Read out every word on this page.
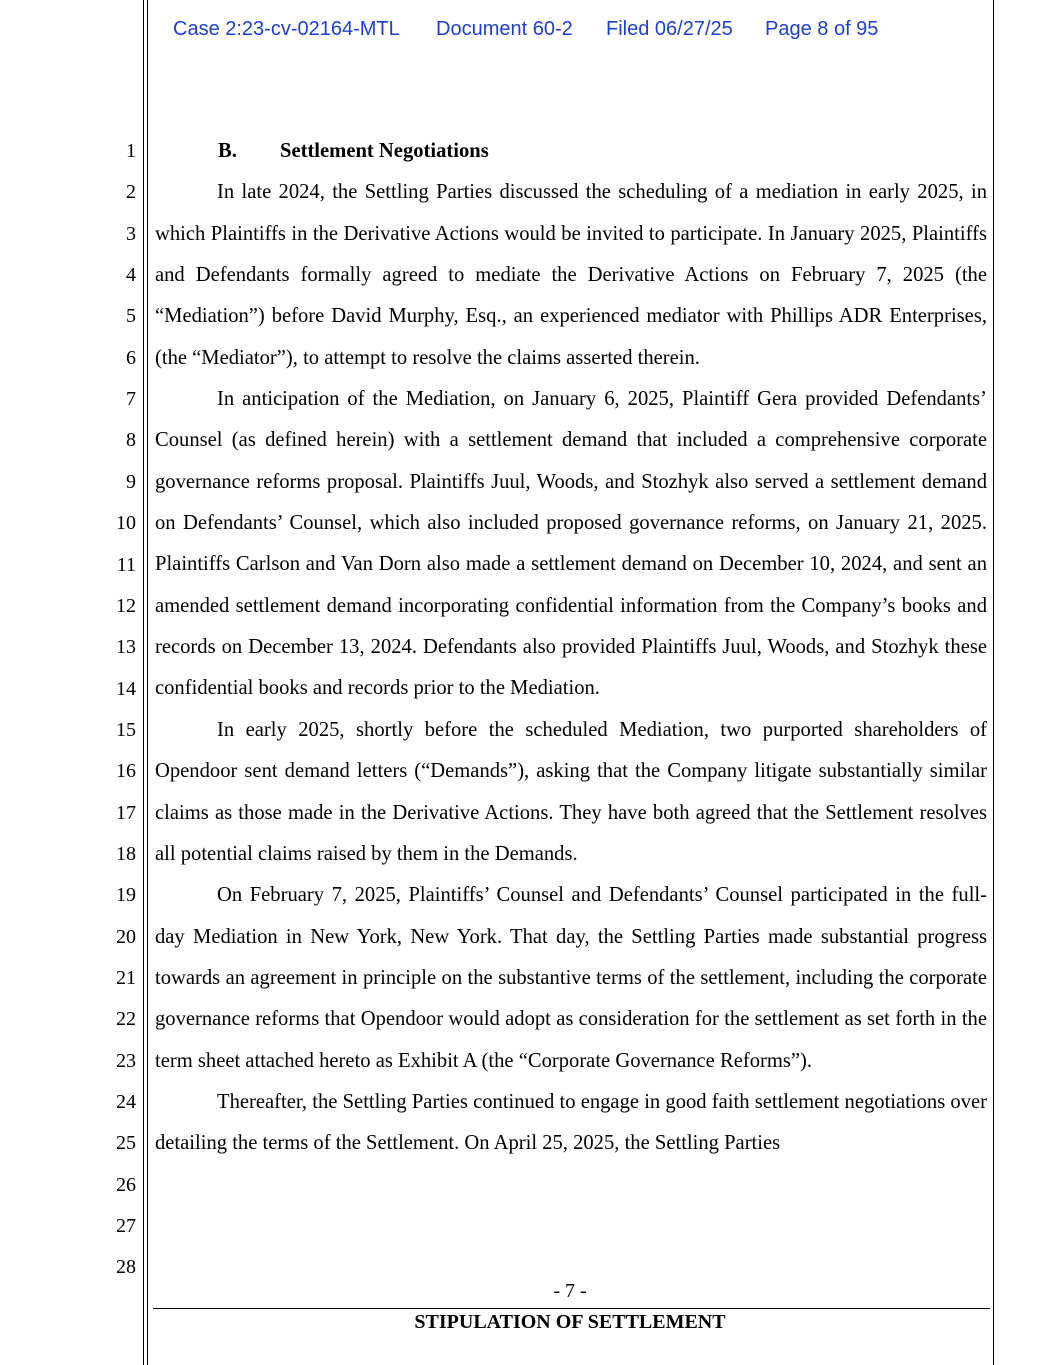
Case 2:23-cv-02164-MTL Document 60-2 Filed 06/27/25 Page 8 of 95
1
2
3
4
5
6
7
8
9
10
11
12
13
14
15
16
17
18
19
20
21
22
23
24
25
26
27
28
B. Settlement Negotiations

In late 2024, the Settling Parties discussed the scheduling of a mediation in early 2025, in which Plaintiffs in the Derivative Actions would be invited to participate. In January 2025, Plaintiffs and Defendants formally agreed to mediate the Derivative Actions on February 7, 2025 (the “Mediation”) before David Murphy, Esq., an experienced mediator with Phillips ADR Enterprises, (the “Mediator”), to attempt to resolve the claims asserted therein.

In anticipation of the Mediation, on January 6, 2025, Plaintiff Gera provided Defendants’ Counsel (as defined herein) with a settlement demand that included a comprehensive corporate governance reforms proposal. Plaintiffs Juul, Woods, and Stozhyk also served a settlement demand on Defendants’ Counsel, which also included proposed governance reforms, on January 21, 2025. Plaintiffs Carlson and Van Dorn also made a settlement demand on December 10, 2024, and sent an amended settlement demand incorporating confidential information from the Company’s books and records on December 13, 2024. Defendants also provided Plaintiffs Juul, Woods, and Stozhyk these confidential books and records prior to the Mediation.

In early 2025, shortly before the scheduled Mediation, two purported shareholders of Opendoor sent demand letters (“Demands”), asking that the Company litigate substantially similar claims as those made in the Derivative Actions. They have both agreed that the Settlement resolves all potential claims raised by them in the Demands.

On February 7, 2025, Plaintiffs’ Counsel and Defendants’ Counsel participated in the full-day Mediation in New York, New York. That day, the Settling Parties made substantial progress towards an agreement in principle on the substantive terms of the settlement, including the corporate governance reforms that Opendoor would adopt as consideration for the settlement as set forth in the term sheet attached hereto as Exhibit A (the “Corporate Governance Reforms”).

Thereafter, the Settling Parties continued to engage in good faith settlement negotiations over detailing the terms of the Settlement. On April 25, 2025, the Settling Parties

- 7 -
STIPULATION OF SETTLEMENT
